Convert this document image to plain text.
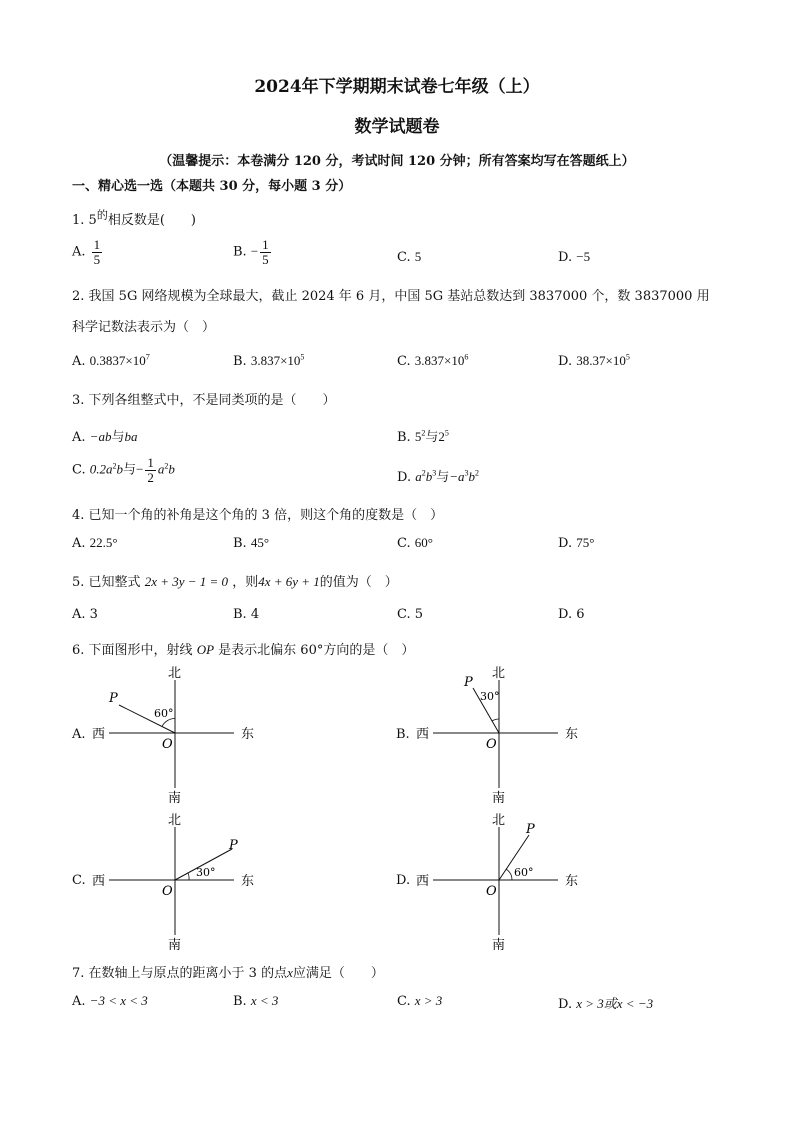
2024年下学期期末试卷七年级（上）
数学试题卷
（温馨提示：本卷满分 120 分，考试时间 120 分钟；所有答案均写在答题纸上）
一、精心选一选（本题共 30 分，每小题 3 分）
1. $5^的$相反数是(　　)
A. $\frac{1}{5}$	B. − $\frac{1}{5}$	C. 5	D. −5
2. 我国 5G 网络规模为全球最大，截止 2024 年 6 月，中国 5G 基站总数达到 3837000 个，数 3837000 用
科学记数法表示为（　）
A. $0.3837\times 10^7$	B. $3.837\times 10^5$	C. $3.837\times 10^6$	D. $38.37\times 10^5$
3. 下列各组整式中，不是同类项的是（　　）
A. −ab与ba	B. $5^2$与$2^5$
C. $0.2a^2b$与− $\frac{1}{2} a^2b$
D. $a^2b^3$与$-a^3b^2$
4. 已知一个角的补角是这个角的 3 倍，则这个角的度数是（　）
A. 22.5°	B. 45°	C. 60°	D. 75°
5. 已知整式 2x + 3y − 1 = 0 ，则4x + 6y + 1的值为（　）
A. 3	B. 4	C. 5	D. 6
6. 下面图形中，射线 OP 是表示北偏东 60°方向的是（　）
A.	B.
C.	D.
北
南
东
西
O
P
60°
北
南
东
西
O
P
30°
北
南
东
西
O
P
30°
北
南
东
西
O
P
60°
7. 在数轴上与原点的距离小于 3 的点x应满足（　　）
A. −3 < x < 3	B. x < 3	C. x > 3	D. x > 3或x < −3
